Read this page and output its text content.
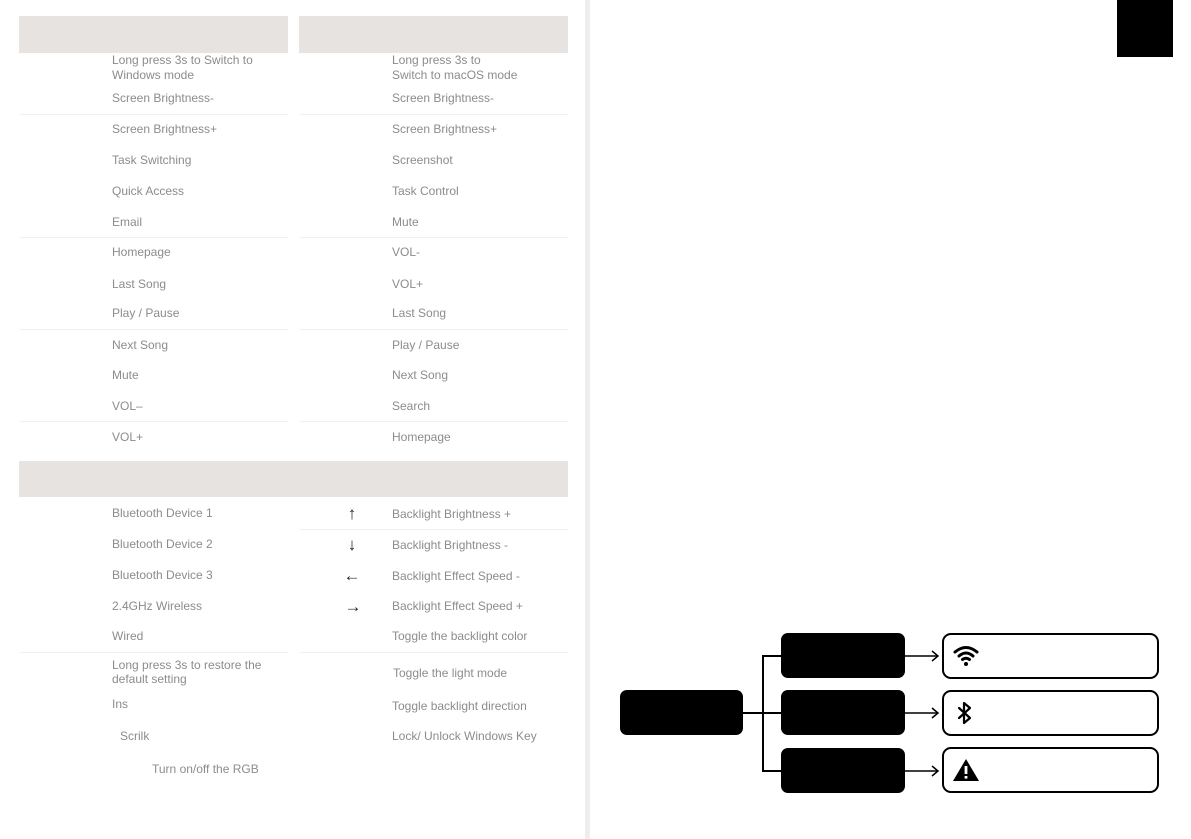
Long press 3s to Switch to
Windows mode
Screen Brightness-
Screen Brightness+
Task Switching
Quick Access
Email
Homepage
Last Song
Play / Pause
Next Song
Mute
VOL–
VOL+
Long press 3s to
Switch to macOS mode
Screen Brightness-
Screen Brightness+
Screenshot
Task Control
Mute
VOL-
VOL+
Last Song
Play / Pause
Next Song
Search
Homepage
Bluetooth Device 1
Bluetooth Device 2
Bluetooth Device 3
2.4GHz Wireless
Wired
Long press 3s to restore the
default setting
Ins
Scrilk
Turn on/off the RGB
↑
↓
←
→
Backlight Brightness +
Backlight Brightness -
Backlight Effect Speed -
Backlight Effect Speed +
Toggle the backlight color
Toggle the light mode
Toggle backlight direction
Lock/ Unlock Windows Key
